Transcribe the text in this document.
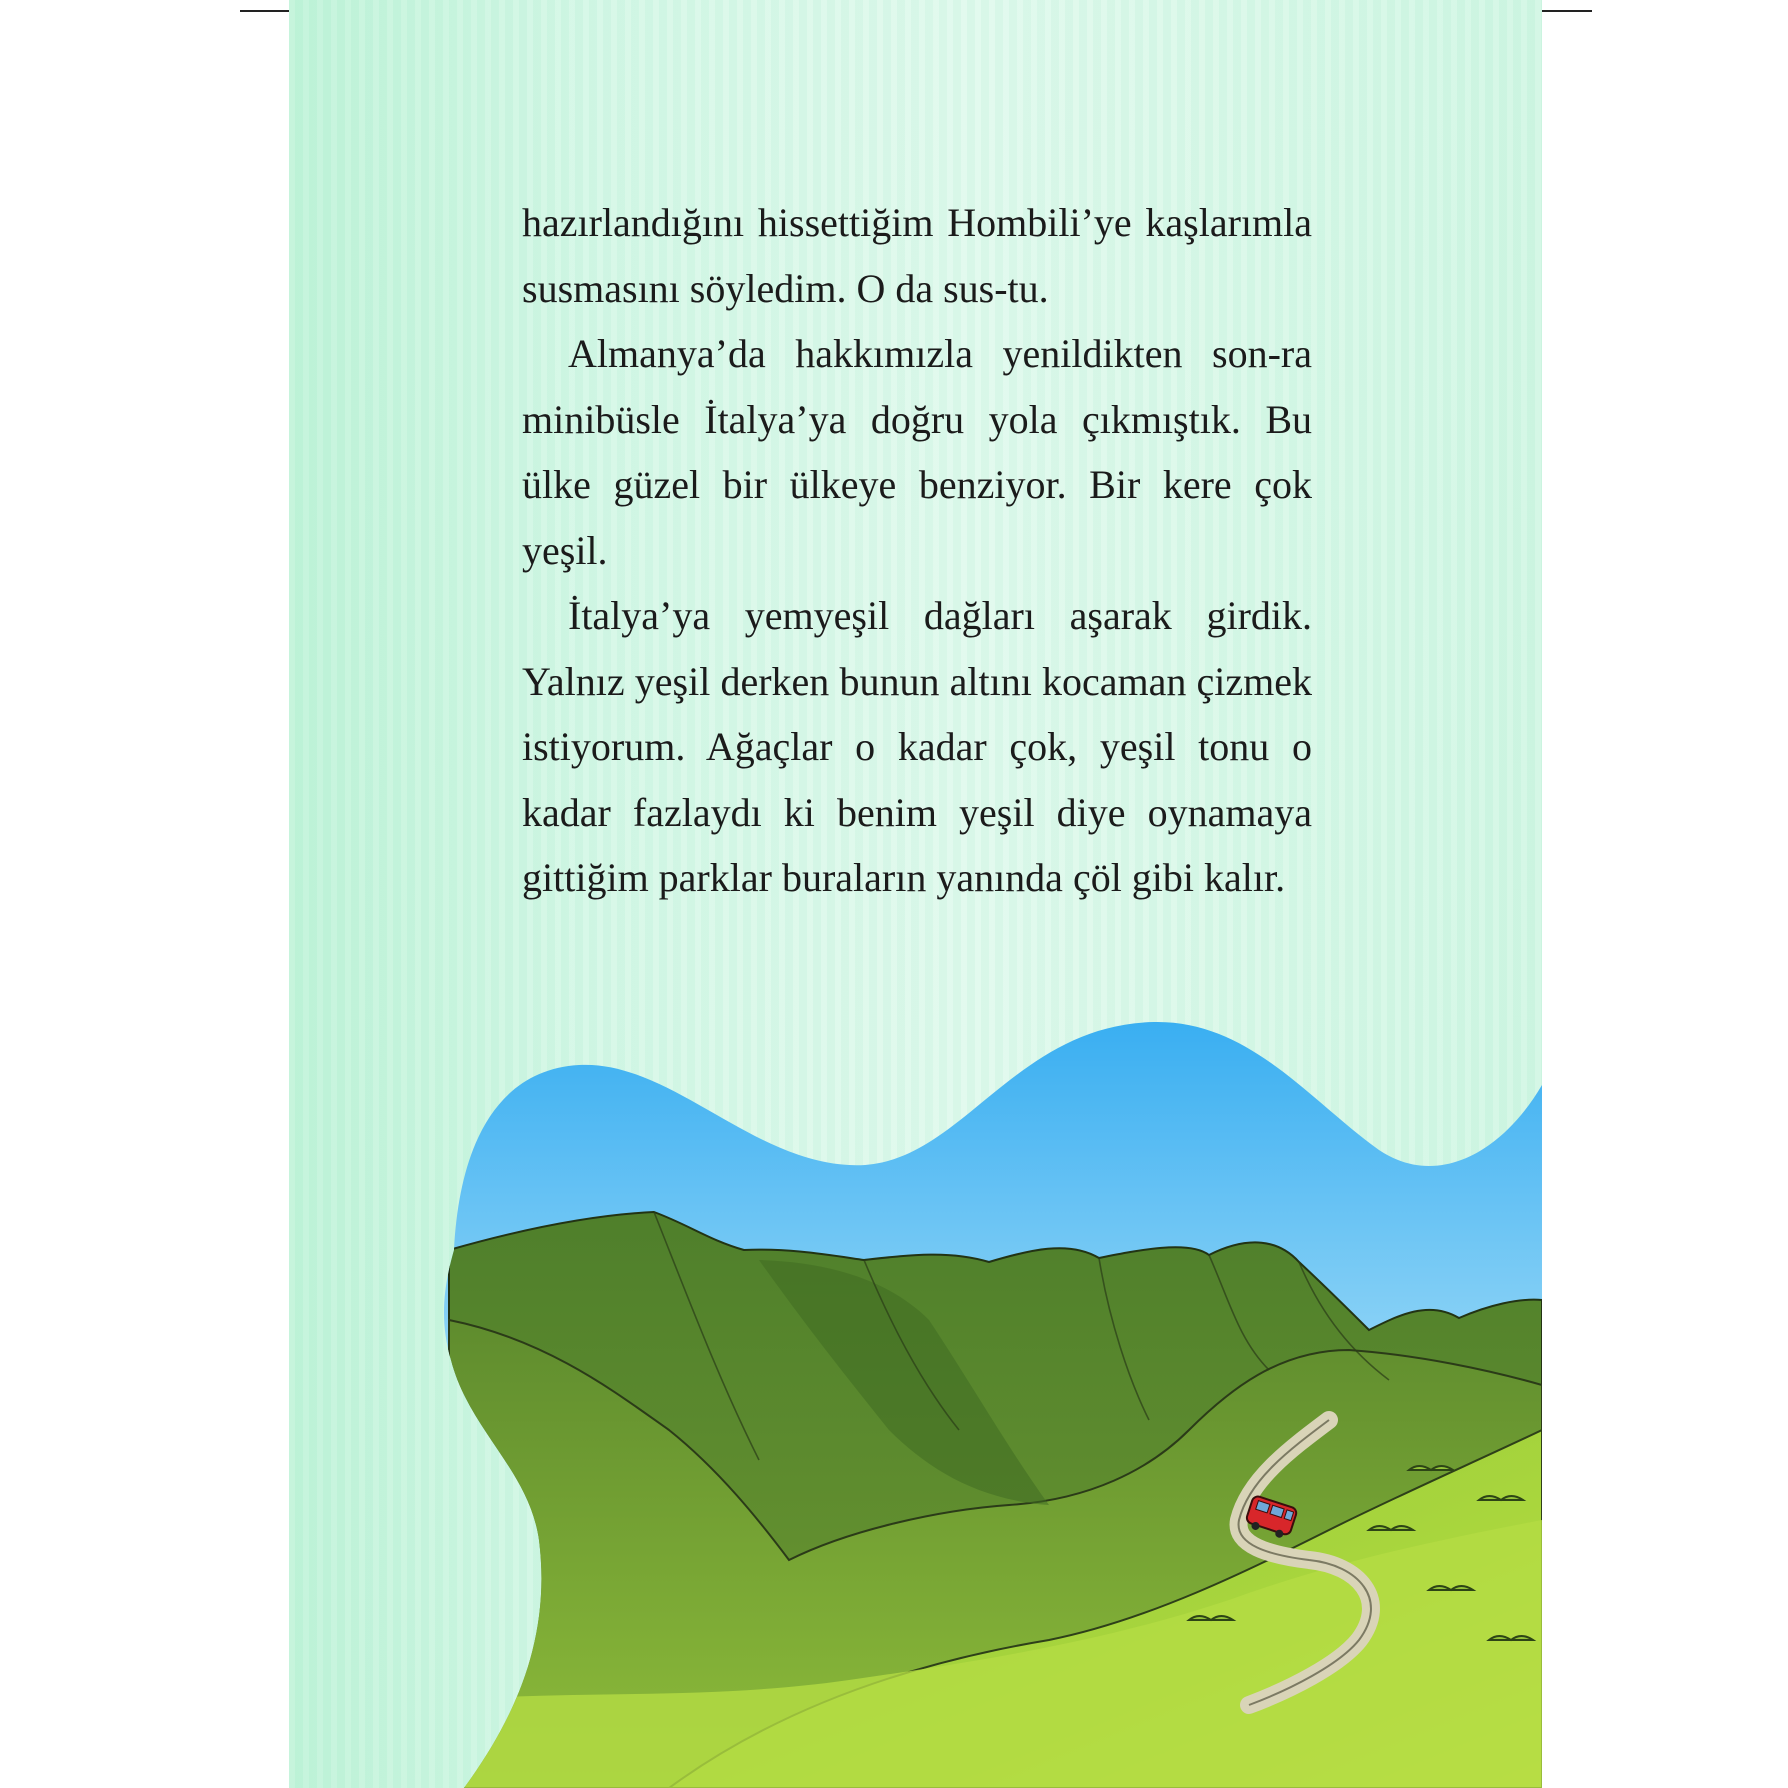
hazırlandığını hissettiğim Hombili’ye kaşlarımla susmasını söyledim. O da sus-tu.

Almanya’da hakkımızla yenildikten son-ra minibüsle İtalya’ya doğru yola çıkmıştık. Bu ülke güzel bir ülkeye benziyor. Bir kere çok yeşil.

İtalya’ya yemyeşil dağları aşarak girdik. Yalnız yeşil derken bunun altını kocaman çizmek istiyorum. Ağaçlar o kadar çok, yeşil tonu o kadar fazlaydı ki benim yeşil diye oynamaya gittiğim parklar buraların yanında çöl gibi kalır.
